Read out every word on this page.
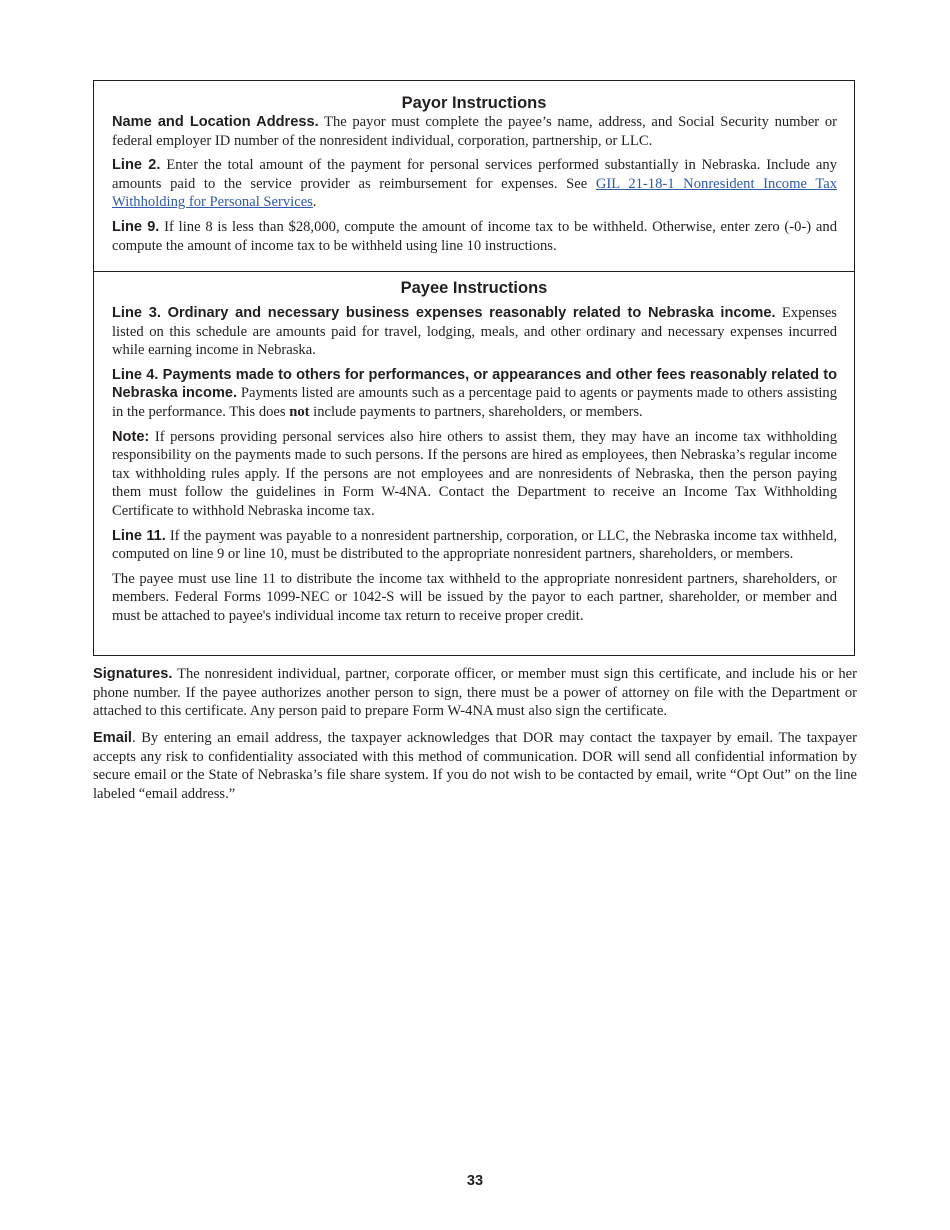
Payor Instructions

Name and Location Address. The payor must complete the payee’s name, address, and Social Security number or federal employer ID number of the nonresident individual, corporation, partnership, or LLC.

Line 2. Enter the total amount of the payment for personal services performed substantially in Nebraska. Include any amounts paid to the service provider as reimbursement for expenses. See GIL 21-18-1 Nonresident Income Tax Withholding for Personal Services.

Line 9. If line 8 is less than $28,000, compute the amount of income tax to be withheld. Otherwise, enter zero (-0-) and compute the amount of income tax to be withheld using line 10 instructions.

Payee Instructions

Line 3. Ordinary and necessary business expenses reasonably related to Nebraska income. Expenses listed on this schedule are amounts paid for travel, lodging, meals, and other ordinary and necessary expenses incurred while earning income in Nebraska.

Line 4. Payments made to others for performances, or appearances and other fees reasonably related to Nebraska income. Payments listed are amounts such as a percentage paid to agents or payments made to others assisting in the performance. This does not include payments to partners, shareholders, or members.

Note: If persons providing personal services also hire others to assist them, they may have an income tax withholding responsibility on the payments made to such persons. If the persons are hired as employees, then Nebraska’s regular income tax withholding rules apply. If the persons are not employees and are nonresidents of Nebraska, then the person paying them must follow the guidelines in Form W-4NA. Contact the Department to receive an Income Tax Withholding Certificate to withhold Nebraska income tax.

Line 11. If the payment was payable to a nonresident partnership, corporation, or LLC, the Nebraska income tax withheld, computed on line 9 or line 10, must be distributed to the appropriate nonresident partners, shareholders, or members.

The payee must use line 11 to distribute the income tax withheld to the appropriate nonresident partners, shareholders, or members. Federal Forms 1099-NEC or 1042-S will be issued by the payor to each partner, shareholder, or member and must be attached to payee's individual income tax return to receive proper credit.

Signatures. The nonresident individual, partner, corporate officer, or member must sign this certificate, and include his or her phone number. If the payee authorizes another person to sign, there must be a power of attorney on file with the Department or attached to this certificate. Any person paid to prepare Form W-4NA must also sign the certificate.

Email. By entering an email address, the taxpayer acknowledges that DOR may contact the taxpayer by email. The taxpayer accepts any risk to confidentiality associated with this method of communication. DOR will send all confidential information by secure email or the State of Nebraska’s file share system. If you do not wish to be contacted by email, write “Opt Out” on the line labeled “email address.”

33
